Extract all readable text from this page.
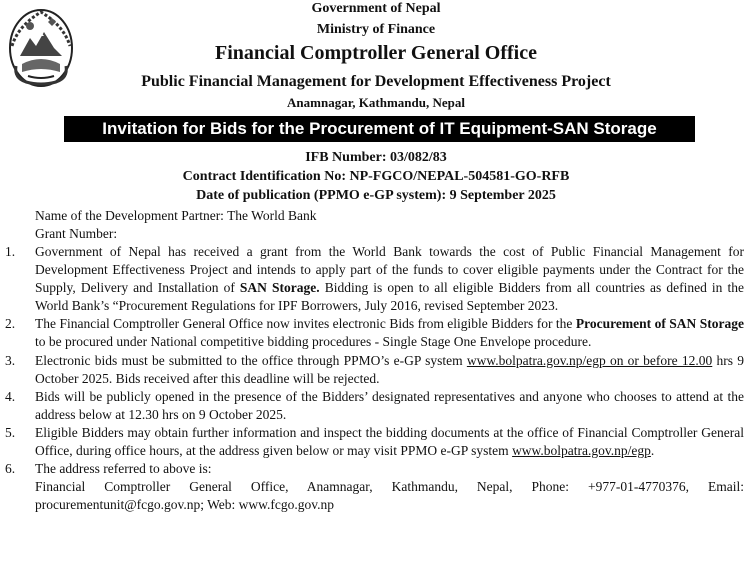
Government of Nepal
Ministry of Finance
Financial Comptroller General Office
Public Financial Management for Development Effectiveness Project
Anamnagar, Kathmandu, Nepal
Invitation for Bids for the Procurement of IT Equipment-SAN Storage
IFB Number: 03/082/83
Contract Identification No: NP-FGCO/NEPAL-504581-GO-RFB
Date of publication (PPMO e-GP system): 9 September 2025
Name of the Development Partner: The World Bank
Grant Number:
1. Government of Nepal has received a grant from the World Bank towards the cost of Public Financial Management for Development Effectiveness Project and intends to apply part of the funds to cover eligible payments under the Contract for the Supply, Delivery and Installation of SAN Storage. Bidding is open to all eligible Bidders from all countries as defined in the World Bank’s “Procurement Regulations for IPF Borrowers, July 2016, revised September 2023.
2. The Financial Comptroller General Office now invites electronic Bids from eligible Bidders for the Procurement of SAN Storage to be procured under National competitive bidding procedures - Single Stage One Envelope procedure.
3. Electronic bids must be submitted to the office through PPMO’s e-GP system www.bolpatra.gov.np/egp on or before 12.00 hrs 9 October 2025. Bids received after this deadline will be rejected.
4. Bids will be publicly opened in the presence of the Bidders’ designated representatives and anyone who chooses to attend at the address below at 12.30 hrs on 9 October 2025.
5. Eligible Bidders may obtain further information and inspect the bidding documents at the office of Financial Comptroller General Office, during office hours, at the address given below or may visit PPMO e-GP system www.bolpatra.gov.np/egp.
6. The address referred to above is:
Financial Comptroller General Office, Anamnagar, Kathmandu, Nepal, Phone: +977-01-4770376, Email: procurementunit@fcgo.gov.np; Web: www.fcgo.gov.np
